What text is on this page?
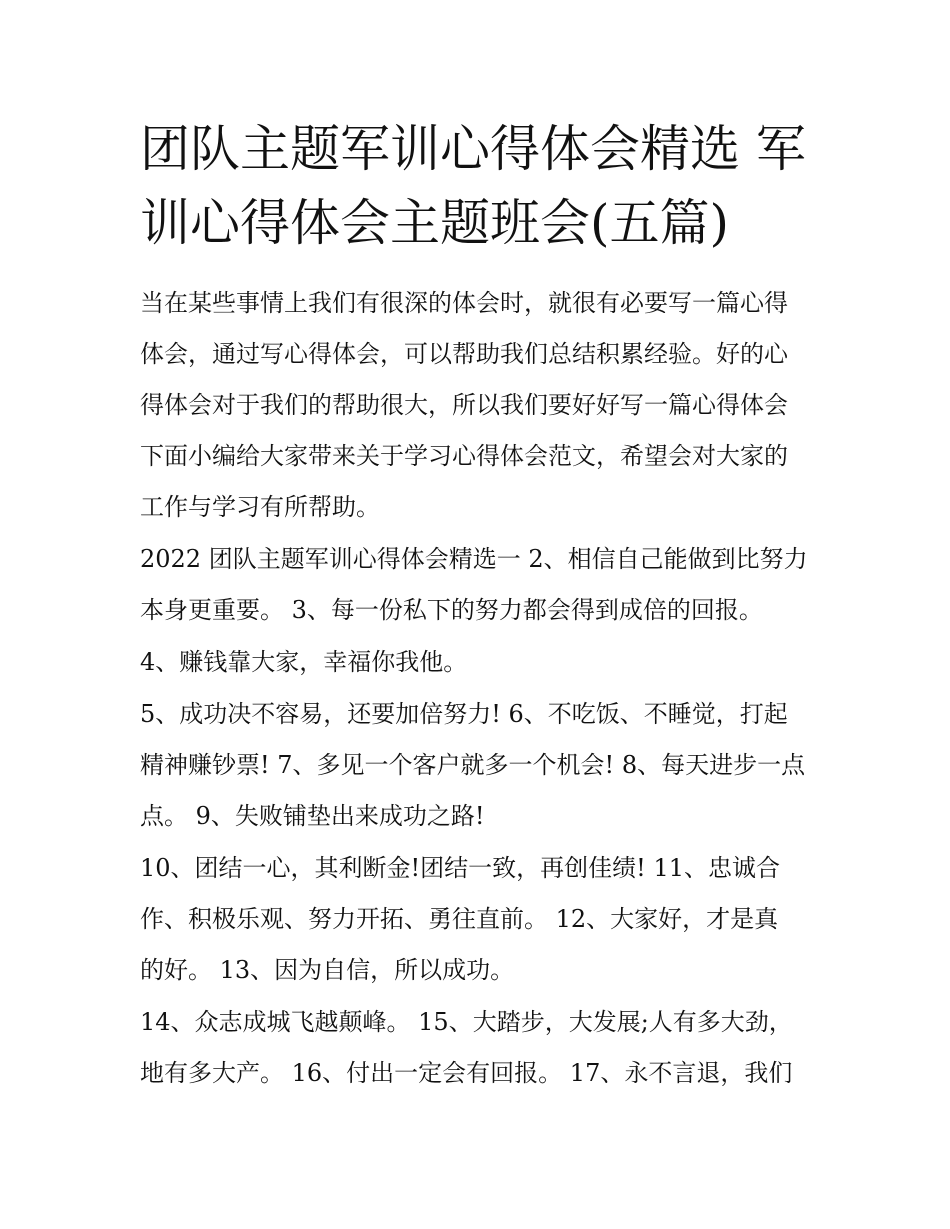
团队主题军训心得体会精选 军
训心得体会主题班会(五篇)

当在某些事情上我们有很深的体会时，就很有必要写一篇心得
体会，通过写心得体会，可以帮助我们总结积累经验。好的心
得体会对于我们的帮助很大，所以我们要好好写一篇心得体会
下面小编给大家带来关于学习心得体会范文，希望会对大家的
工作与学习有所帮助。

2022 团队主题军训心得体会精选一 2、相信自己能做到比努力
本身更重要。 3、每一份私下的努力都会得到成倍的回报。

4、赚钱靠大家，幸福你我他。

5、成功决不容易，还要加倍努力! 6、不吃饭、不睡觉，打起
精神赚钞票! 7、多见一个客户就多一个机会! 8、每天进步一点
点。 9、失败铺垫出来成功之路!

10、团结一心，其利断金!团结一致，再创佳绩! 11、忠诚合
作、积极乐观、努力开拓、勇往直前。 12、大家好，才是真
的好。 13、因为自信，所以成功。

14、众志成城飞越颠峰。 15、大踏步，大发展;人有多大劲，
地有多大产。 16、付出一定会有回报。 17、永不言退，我们
